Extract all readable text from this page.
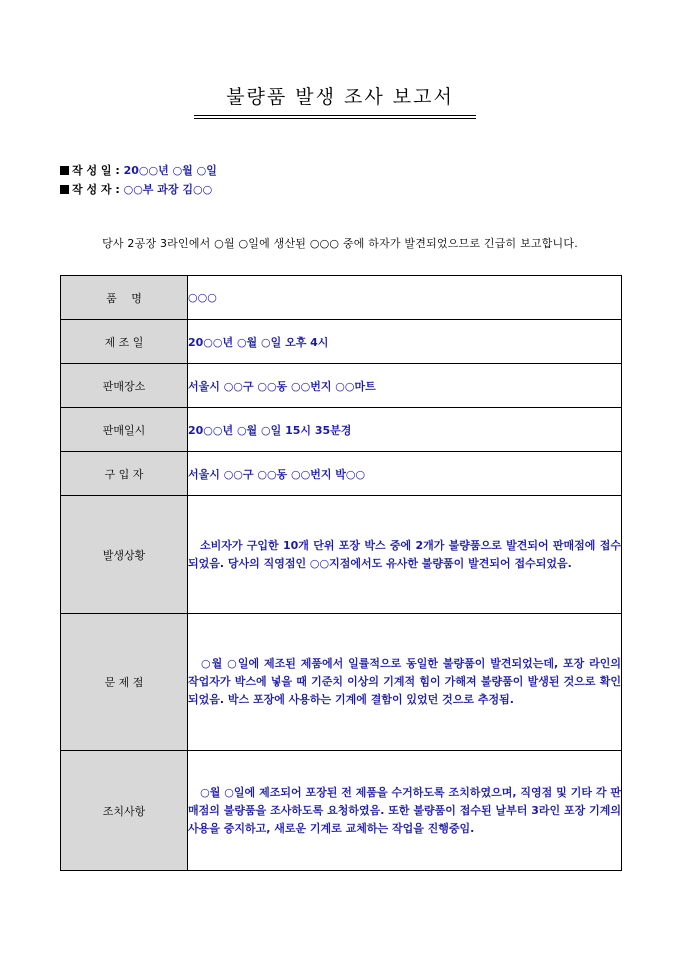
불량품 발생 조사 보고서
작 성 일 : 20○○년 ○월 ○일
작 성 자 : ○○부 과장 김○○
당사 2공장 3라인에서 ○월 ○일에 생산된 ○○○ 중에 하자가 발견되었으므로 긴급히 보고합니다.
품　 명	○○○
제 조 일	20○○년 ○월 ○일 오후 4시
판매장소	서울시 ○○구 ○○동 ○○번지 ○○마트
판매일시	20○○년 ○월 ○일 15시 35분경
구 입 자	서울시 ○○구 ○○동 ○○번지 박○○
발생상황	소비자가 구입한 10개 단위 포장 박스 중에 2개가 불량품으로 발견되어 판매점에 접수되었음. 당사의 직영점인 ○○지점에서도 유사한 불량품이 발견되어 접수되었음.
문 제 점	○월 ○일에 제조된 제품에서 일률적으로 동일한 불량품이 발견되었는데, 포장 라인의 작업자가 박스에 넣을 때 기준치 이상의 기계적 힘이 가해져 불량품이 발생된 것으로 확인되었음. 박스 포장에 사용하는 기계에 결함이 있었던 것으로 추정됨.
조치사항	○월 ○일에 제조되어 포장된 전 제품을 수거하도록 조치하였으며, 직영점 및 기타 각 판매점의 불량품을 조사하도록 요청하였음. 또한 불량품이 접수된 날부터 3라인 포장 기계의 사용을 중지하고, 새로운 기계로 교체하는 작업을 진행중임.
